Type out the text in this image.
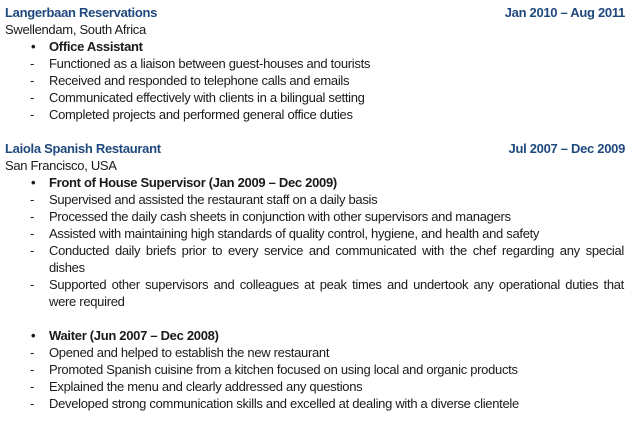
Langerbaan Reservations	Jan 2010 – Aug 2011
Swellendam, South Africa
• Office Assistant
- Functioned as a liaison between guest-houses and tourists
- Received and responded to telephone calls and emails
- Communicated effectively with clients in a bilingual setting
- Completed projects and performed general office duties
Laiola Spanish Restaurant	Jul 2007 – Dec 2009
San Francisco, USA
• Front of House Supervisor (Jan 2009 – Dec 2009)
- Supervised and assisted the restaurant staff on a daily basis
- Processed the daily cash sheets in conjunction with other supervisors and managers
- Assisted with maintaining high standards of quality control, hygiene, and health and safety
- Conducted daily briefs prior to every service and communicated with the chef regarding any special dishes
- Supported other supervisors and colleagues at peak times and undertook any operational duties that were required
• Waiter (Jun 2007 – Dec 2008)
- Opened and helped to establish the new restaurant
- Promoted Spanish cuisine from a kitchen focused on using local and organic products
- Explained the menu and clearly addressed any questions
- Developed strong communication skills and excelled at dealing with a diverse clientele
